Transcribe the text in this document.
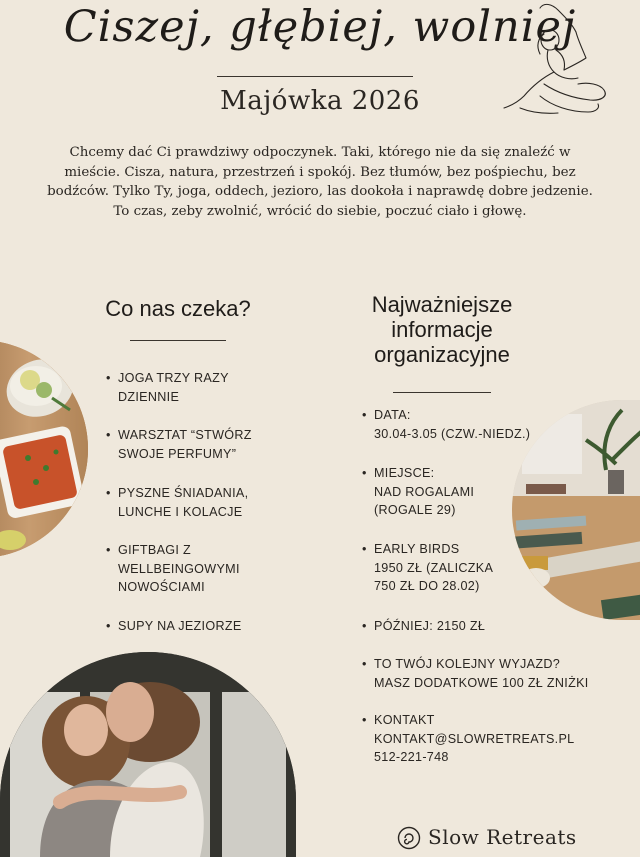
Ciszej, głębiej, wolniej
Majówka 2026

Chcemy dać Ci prawdziwy odpoczynek. Taki, którego nie da się znaleźć w mieście. Cisza, natura, przestrzeń i spokój. Bez tłumów, bez pośpiechu, bez bodźców. Tylko Ty, joga, oddech, jezioro, las dookoła i naprawdę dobre jedzenie. To czas, zeby zwolnić, wrócić do siebie, poczuć ciało i głowę.

Co nas czeka?	Najważniejsze
informacje
organizacyjne
• JOGA TRZY RAZY
DZIENNIE
• WARSZTAT “STWÓRZ
SWOJE PERFUMY”
• PYSZNE ŚNIADANIA,
LUNCHE I KOLACJE
• GIFTBAGI Z
WELLBEINGOWYMI
NOWOŚCIAMI
• SUPY NA JEZIORZE
• DATA:
30.04-3.05 (CZW.-NIEDZ.)
• MIEJSCE:
NAD ROGALAMI
(ROGALE 29)
• EARLY BIRDS
1950 ZŁ (ZALICZKA
750 ZŁ DO 28.02)
• PÓŹNIEJ: 2150 ZŁ
• TO TWÓJ KOLEJNY WYJAZD?
MASZ DODATKOWE 100 ZŁ ZNIŻKI
• KONTAKT
KONTAKT@SLOWRETREATS.PL
512-221-748
Slow Retreats
